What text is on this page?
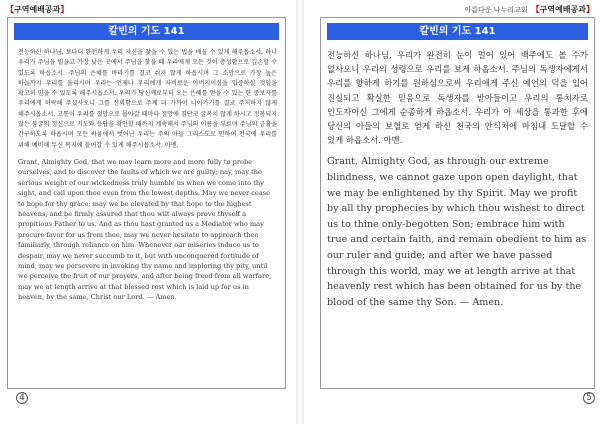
【구역예배공과】
칼빈의 기도 141

전능하신 하나님, 보다더 완전하게 우리 자신을 찾을 수 있는 법을 배울 수 있게 해주옵소서. 하나 우리가 주님을 빌을고 가장 낮은 곳에서 주님을 찾을 때 우리에게 모든 것이 충성함으로 깊손할 수 있도록 하옵소서. 주님의 은혜를 바라기를 결코 쉬지 않게 하옵시며 그 소망으로 가장 높은 하늘까지 우리를 올리시며 우리는 언제나 우리에게 자비로운 아버지이심을 입증하실 것임을 확고히 믿을 수 있도록 해주시옵소서. 우리가 당신께로부터 오는 은혜를 얻을 수 있는 한 중보자를 우리에게 허락해 주셨사오니 그를 신뢰함으로 주께 더 가까이 나아가기를 결코 주저하지 않게 해주시옵소서. 고통이 우리를 절망으로 몰아갈 때마다 절망에 겸단코 굴복치 않게 하시고 정복되지 않는 불굴의 정신으로 기도와 응답을 확인할 때까지 계속해서 주님의 이름을 부르며 주님의 긍휼을 간구하도록 하옵시며 모든 싸움에서 벗어난 우리는 주의 아들 그리스도로 인하여 천국에 우리를 위해 예비해 두신 복지에 들어갈 수 있게 해주시옵소서. 아멘.

Grant, Almighty God, that we may learn more and more fully to probe ourselves, and to discover the faults of which we are guilty; nay, may the serious weight of our wickedness truly humble us when we come into thy sight, and call upon thee even from the lowest depths. May we never cease to hope for thy grace; may we be elevated by that hope to the highest heavens, and be firmly assured that thou wilt always prove thyself a propitious Father to us. And as thou hast granted us a Mediator who may procure favor for us from thee, may we never hesitate to approach thee familiarly, through reliance on him. Whenever our miseries induce us to despair, may we never succumb to it, but with unconquered fortitude of mind, may we persevere in invoking thy name and imploring thy pity, until we perceive the fruit of our prayers, and after being freed from all warfare, may we at length arrive at that blessed rest which is laid up for us in heaven, by the same, Christ our Lord. — Amen.

4
아름다운 나누리교회 【구역예배공과】
칼빈의 기도 141

전능하신 하나님, 우리가 완전히 눈이 멀어 있어 백주에도 볼 수가 없사오니 우리의 성령으로 우리를 보게 하옵소서. 주님의 독생자에게서 우리를 향하게 하기를 원하심으로써 우리에게 주신 예언의 덕을 입어 진실되고 확실한 믿음으로 독생자를 받아들이고 우리의 통치자로 인도자이신 그에게 순종하게 하옵소서. 우리가 이 세상을 통과한 후에 당신의 아들의 보혈로 얻게 하신 천국의 안식처에 마침내 도달할 수 있게 하옵소서. 아멘.

Grant, Almighty God, as through our extreme blindness, we cannot gaze upon open daylight, that we may be enlightened by thy Spirit. May we profit by all thy prophecies by which thou wishest to direct us to thine only-begotten Son; embrace him with true and certain faith, and remain obedient to him as our ruler and guide; and after we have passed through this world, may we at length arrive at that heavenly rest which has been obtained for us by the blood of the same thy Son. — Amen.

5
